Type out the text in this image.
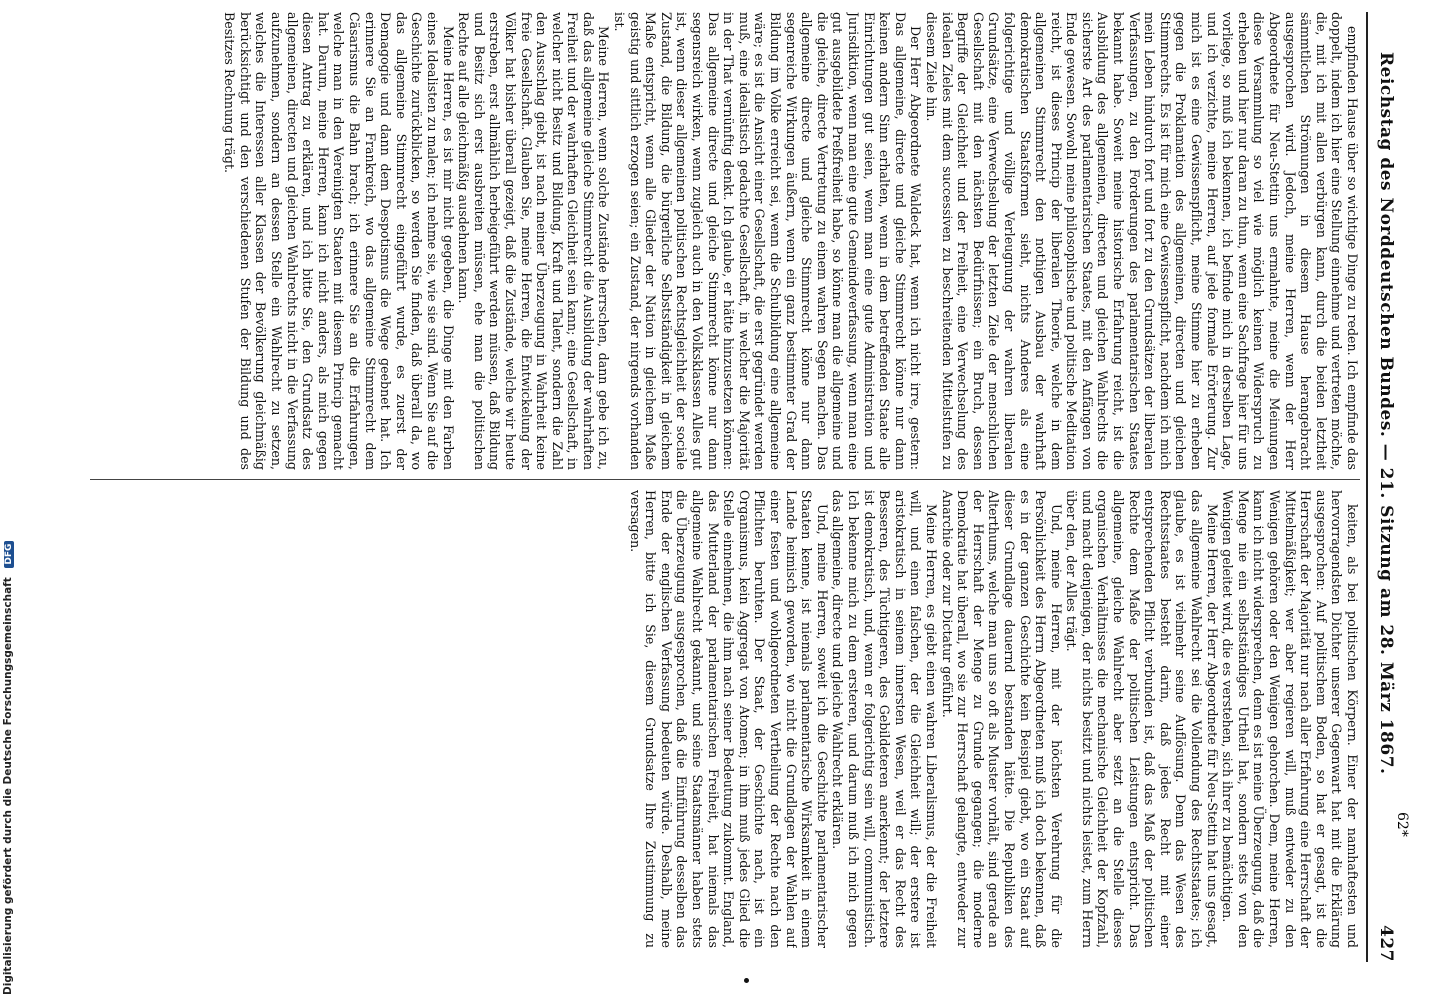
Digitalisierung gefördert durch die Deutsche Forschungsgemeinschaft DFG	Reichstag des Norddeutschen Bundes. — 21. Sitzung am 28. März 1867.
427

empfinden Hause über so wichtige Dinge zu reden. Ich empfinde das doppelt, indem ich hier eine Stellung einnehme und vertreten möchte, die, mit ich mit allen verbürgen kann, durch die beiden letztheit sämmtlichen Strömungen in diesem Hause herangebracht ausgesprochen wird. Jedoch, meine Herren, wenn der Herr Abgeordnete für Neu-Stettin uns ermahnte, meine die Meinungen diese Versammlung so viel wie möglich keinen Widerspruch zu erheben und hier nur daran zu thun, wenn eine Sachfrage hier für uns vorliege, so muß ich bekennen, ich befinde mich in derselben Lage, und ich verzichte, meine Herren, auf jede formale Erörterung. Zur mich ist es eine Gewissenspflicht, meine Stimme hier zu erheben gegen die Proklamation des allgemeinen, directen und gleichen Stimmrechts. Es ist für mich eine Gewissenspflicht, nachdem ich mich mein Leben hindurch fort und fort zu den Grundsätzen der liberalen Verfassungen, zu den Forderungen des parlamentarischen Staates bekannt habe. Soweit meine historische Erfahrung reicht, ist die Ausbildung des allgemeinen, directen und gleichen Wahlrechts die sicherste Art des parlamentarischen Staates, mit den Anfängen von Ende gewesen. Sowohl meine philosophische und politische Meditation reicht, ist dieses Princip der liberalen Theorie, welche in dem allgemeinen Stimmrecht den nothigen Ausbau der wahrhaft demokratischen Staatsformen sieht, nichts Anderes als eine folgerichtige und völlige Verleugnung der wahren liberalen Grundsätze, eine Verwechselung der letzten Ziele der menschlichen Gesellschaft mit den nächsten Bedürfnissen; ein Bruch, dessen Begriffe der Gleichheit und der Freiheit, eine Verwechselung des idealen Zieles mit dem successiven zu beschreitenden Mittelstufen zu diesem Ziele hin.

Der Herr Abgeordnete Waldeck hat, wenn ich nicht irre, gestern: Das allgemeine, directe und gleiche Stimmrecht könne nur dann keinen andern Sinn erhalten, wenn in dem betreffenden Staate alle Einrichtungen gut seien, wenn man eine gute Administration und Jurisdiktion, wenn man eine gute Gemeindeverfassung, wenn man eine gut ausgebildete Preßfreiheit habe, so könne man die allgemeine und die gleiche, directe Vertretung zu einem wahren Segen machen. Das allgemeine directe und gleiche Stimmrecht könne nur dann segenreiche Wirkungen äußern, wenn ein ganz bestimmter Grad der Bildung im Volke erreicht sei, wenn die Schulbildung eine allgemeine wäre; es ist die Ansicht einer Gesellschaft, die erst gegründet werden muß, eine idealistisch gedachte Gesellschaft, in welcher die Majorität in der That vernünftig denkt. Ich glaube, er hätte hinzusetzen können: Das allgemeine directe und gleiche Stimmrecht könne nur dann segensreich wirken, wenn zugleich auch in den Volksklassen Alles gut ist, wenn dieser allgemeinen politischen Rechtsgleichheit der sociale Zustand, die Bildung, die bürgerliche Selbstständigkeit in gleichem Maße entspricht, wenn alle Glieder der Nation in gleichem Maße geistig und sittlich erzogen seien; ein Zustand, der nirgends vorhanden ist.

Meine Herren, wenn solche Zustände herrschen, dann gebe ich zu, daß das allgemeine gleiche Stimmrecht die Ausbildung der wahrhaften Freiheit und der wahrhaften Gleichheit sein kann; eine Gesellschaft, in welcher nicht Besitz und Bildung, Kraft und Talent, sondern die Zahl den Ausschlag giebt, ist nach meiner Überzeugung in Wahrheit keine freie Gesellschaft. Glauben Sie, meine Herren, die Entwickelung der Völker hat bisher überall gezeigt, daß die Zustände, welche wir heute erstreben, erst allmählich herbeigeführt werden müssen, daß Bildung und Besitz sich erst ausbreiten müssen, ehe man die politischen Rechte auf alle gleichmäßig ausdehnen kann.

Meine Herren, es ist mir nicht gegeben, die Dinge mit den Farben eines Idealisten zu malen; ich nehme sie, wie sie sind. Wenn Sie auf die Geschichte zurückblicken, so werden Sie finden, daß überall da, wo das allgemeine Stimmrecht eingeführt wurde, es zuerst der Demagogie und dann dem Despotismus die Wege geebnet hat. Ich erinnere Sie an Frankreich, wo das allgemeine Stimmrecht dem Cäsarismus die Bahn brach; ich erinnere Sie an die Erfahrungen, welche man in den Vereinigten Staaten mit diesem Princip gemacht hat. Darum, meine Herren, kann ich nicht anders, als mich gegen diesen Antrag zu erklären, und ich bitte Sie, den Grundsatz des allgemeinen, directen und gleichen Wahlrechts nicht in die Verfassung aufzunehmen, sondern an dessen Stelle ein Wahlrecht zu setzen, welches die Interessen aller Klassen der Bevölkerung gleichmäßig berücksichtigt und den verschiedenen Stufen der Bildung und des Besitzes Rechnung trägt.

keiten, als bei politischen Körpern. Einer der namhaftesten und hervorragendsten Dichter unserer Gegenwart hat mit die Erklärung ausgesprochen: Auf politischem Boden, so hat er gesagt, ist die Herrschaft der Majorität nur nach aller Erfahrung eine Herrschaft der Mittelmäßigkeit; wer aber regieren will, muß entweder zu den Wenigen gehören oder den Wenigen gehorchen. Dem, meine Herren, kann ich nicht widersprechen, denn es ist meine Überzeugung, daß die Menge nie ein selbstständiges Urtheil hat, sondern stets von den Wenigen geleitet wird, die es verstehen, sich ihrer zu bemächtigen.

Meine Herren, der Herr Abgeordnete für Neu-Stettin hat uns gesagt, das allgemeine Wahlrecht sei die Vollendung des Rechtsstaates; ich glaube, es ist vielmehr seine Auflösung. Denn das Wesen des Rechtsstaates besteht darin, daß jedes Recht mit einer entsprechenden Pflicht verbunden ist, daß das Maß der politischen Rechte dem Maße der politischen Leistungen entspricht. Das allgemeine, gleiche Wahlrecht aber setzt an die Stelle dieses organischen Verhältnisses die mechanische Gleichheit der Kopfzahl, und macht denjenigen, der nichts besitzt und nichts leistet, zum Herrn über den, der Alles trägt.

Und, meine Herren, mit der höchsten Verehrung für die Persönlichkeit des Herrn Abgeordneten muß ich doch bekennen, daß es in der ganzen Geschichte kein Beispiel giebt, wo ein Staat auf dieser Grundlage dauernd bestanden hätte. Die Republiken des Alterthums, welche man uns so oft als Muster vorhält, sind gerade an der Herrschaft der Menge zu Grunde gegangen; die moderne Demokratie hat überall, wo sie zur Herrschaft gelangte, entweder zur Anarchie oder zur Dictatur geführt.

Meine Herren, es giebt einen wahren Liberalismus, der die Freiheit will, und einen falschen, der die Gleichheit will; der erstere ist aristokratisch in seinem innersten Wesen, weil er das Recht des Besseren, des Tüchtigeren, des Gebildeteren anerkennt; der letztere ist demokratisch, und, wenn er folgerichtig sein will, communistisch. Ich bekenne mich zu dem ersteren, und darum muß ich mich gegen das allgemeine, directe und gleiche Wahlrecht erklären.

Und, meine Herren, soweit ich die Geschichte parlamentarischer Staaten kenne, ist niemals parlamentarische Wirksamkeit in einem Lande heimisch geworden, wo nicht die Grundlagen der Wahlen auf einer festen und wohlgeordneten Vertheilung der Rechte nach den Pflichten beruhten. Der Staat, der Geschichte nach, ist ein Organismus, kein Aggregat von Atomen; in ihm muß jedes Glied die Stelle einnehmen, die ihm nach seiner Bedeutung zukommt. England, das Mutterland der parlamentarischen Freiheit, hat niemals das allgemeine Wahlrecht gekannt, und seine Staatsmänner haben stets die Überzeugung ausgesprochen, daß die Einführung desselben das Ende der englischen Verfassung bedeuten würde. Deshalb, meine Herren, bitte ich Sie, diesem Grundsatze Ihre Zustimmung zu versagen.

62*
